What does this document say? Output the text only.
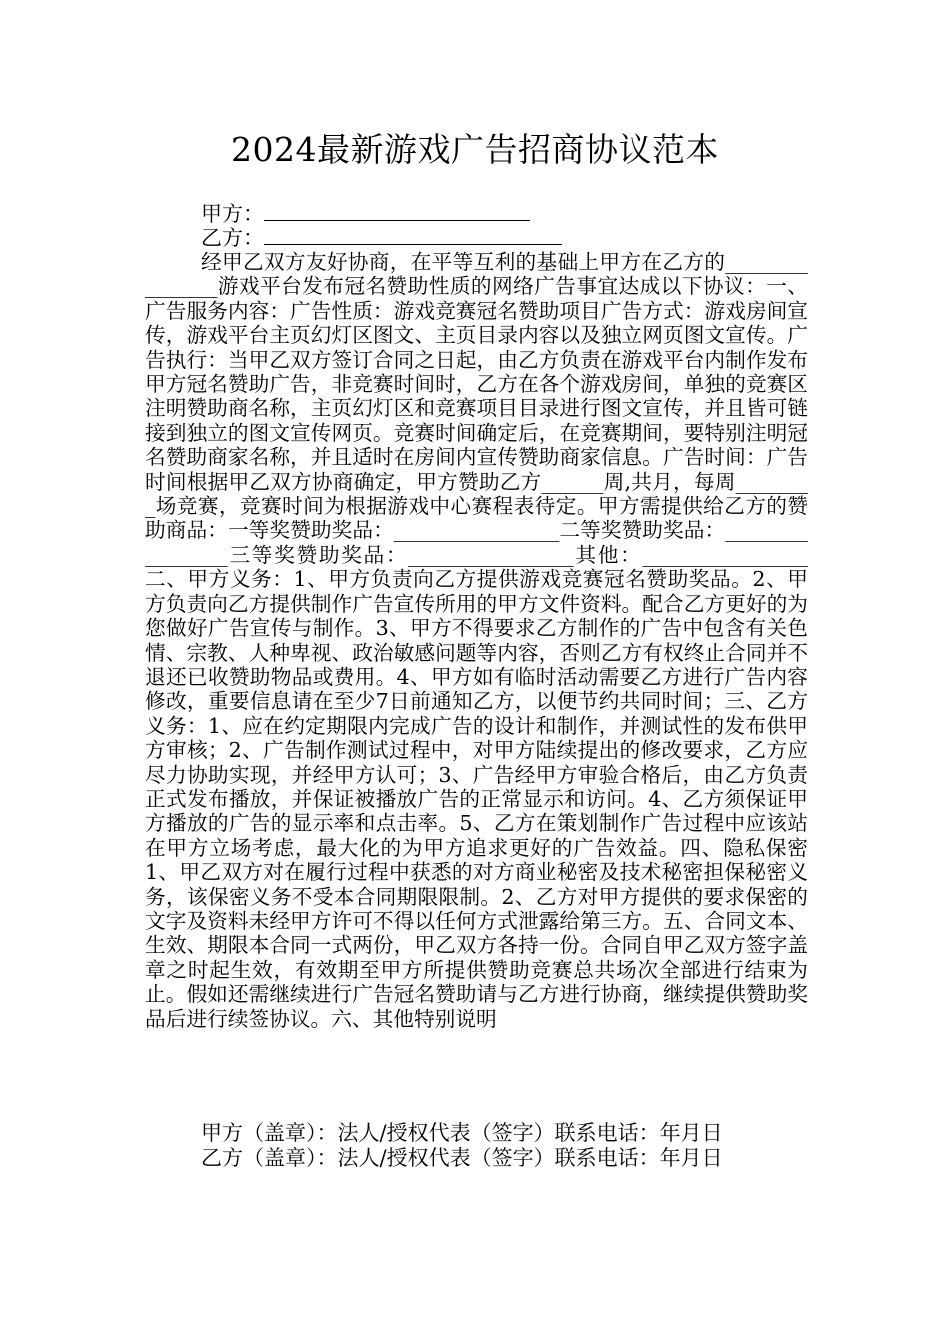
2024最新游戏广告招商协议范本
甲方：
乙方：

经甲乙双方友好协商，在平等互利的基础上甲方在乙方的_______________游戏平台发布冠名赞助性质的网络广告事宜达成以下协议：一、广告服务内容：广告性质：游戏竞赛冠名赞助项目广告方式：游戏房间宣传，游戏平台主页幻灯区图文、主页目录内容以及独立网页图文宣传。广告执行：当甲乙双方签订合同之日起，由乙方负责在游戏平台内制作发布甲方冠名赞助广告，非竞赛时间时，乙方在各个游戏房间，单独的竞赛区注明赞助商名称，主页幻灯区和竞赛项目目录进行图文宣传，并且皆可链接到独立的图文宣传网页。竞赛时间确定后，在竞赛期间，要特别注明冠名赞助商家名称，并且适时在房间内宣传赞助商家信息。广告时间：广告时间根据甲乙双方协商确定，甲方赞助乙方______周,共月，每周________场竞赛，竞赛时间为根据游戏中心赛程表待定。甲方需提供给乙方的赞助商品：一等奖赞助奖品：________________二等奖赞助奖品：________________三等奖赞助奖品：________________其他：________________二、甲方义务：1、甲方负责向乙方提供游戏竞赛冠名赞助奖品。2、甲方负责向乙方提供制作广告宣传所用的甲方文件资料。配合乙方更好的为您做好广告宣传与制作。3、甲方不得要求乙方制作的广告中包含有关色情、宗教、人种卑视、政治敏感问题等内容，否则乙方有权终止合同并不退还已收赞助物品或费用。4、甲方如有临时活动需要乙方进行广告内容修改，重要信息请在至少7日前通知乙方，以便节约共同时间；三、乙方义务：1、应在约定期限内完成广告的设计和制作，并测试性的发布供甲方审核；2、广告制作测试过程中，对甲方陆续提出的修改要求，乙方应尽力协助实现，并经甲方认可；3、广告经甲方审验合格后，由乙方负责正式发布播放，并保证被播放广告的正常显示和访问。4、乙方须保证甲方播放的广告的显示率和点击率。5、乙方在策划制作广告过程中应该站在甲方立场考虑，最大化的为甲方追求更好的广告效益。四、隐私保密1、甲乙双方对在履行过程中获悉的对方商业秘密及技术秘密担保秘密义务，该保密义务不受本合同期限限制。2、乙方对甲方提供的要求保密的文字及资料未经甲方许可不得以任何方式泄露给第三方。五、合同文本、生效、期限本合同一式两份，甲乙双方各持一份。合同自甲乙双方签字盖章之时起生效，有效期至甲方所提供赞助竞赛总共场次全部进行结束为止。假如还需继续进行广告冠名赞助请与乙方进行协商，继续提供赞助奖品后进行续签协议。六、其他特别说明

甲方（盖章）：法人/授权代表（签字）联系电话：年月日
乙方（盖章）：法人/授权代表（签字）联系电话：年月日
